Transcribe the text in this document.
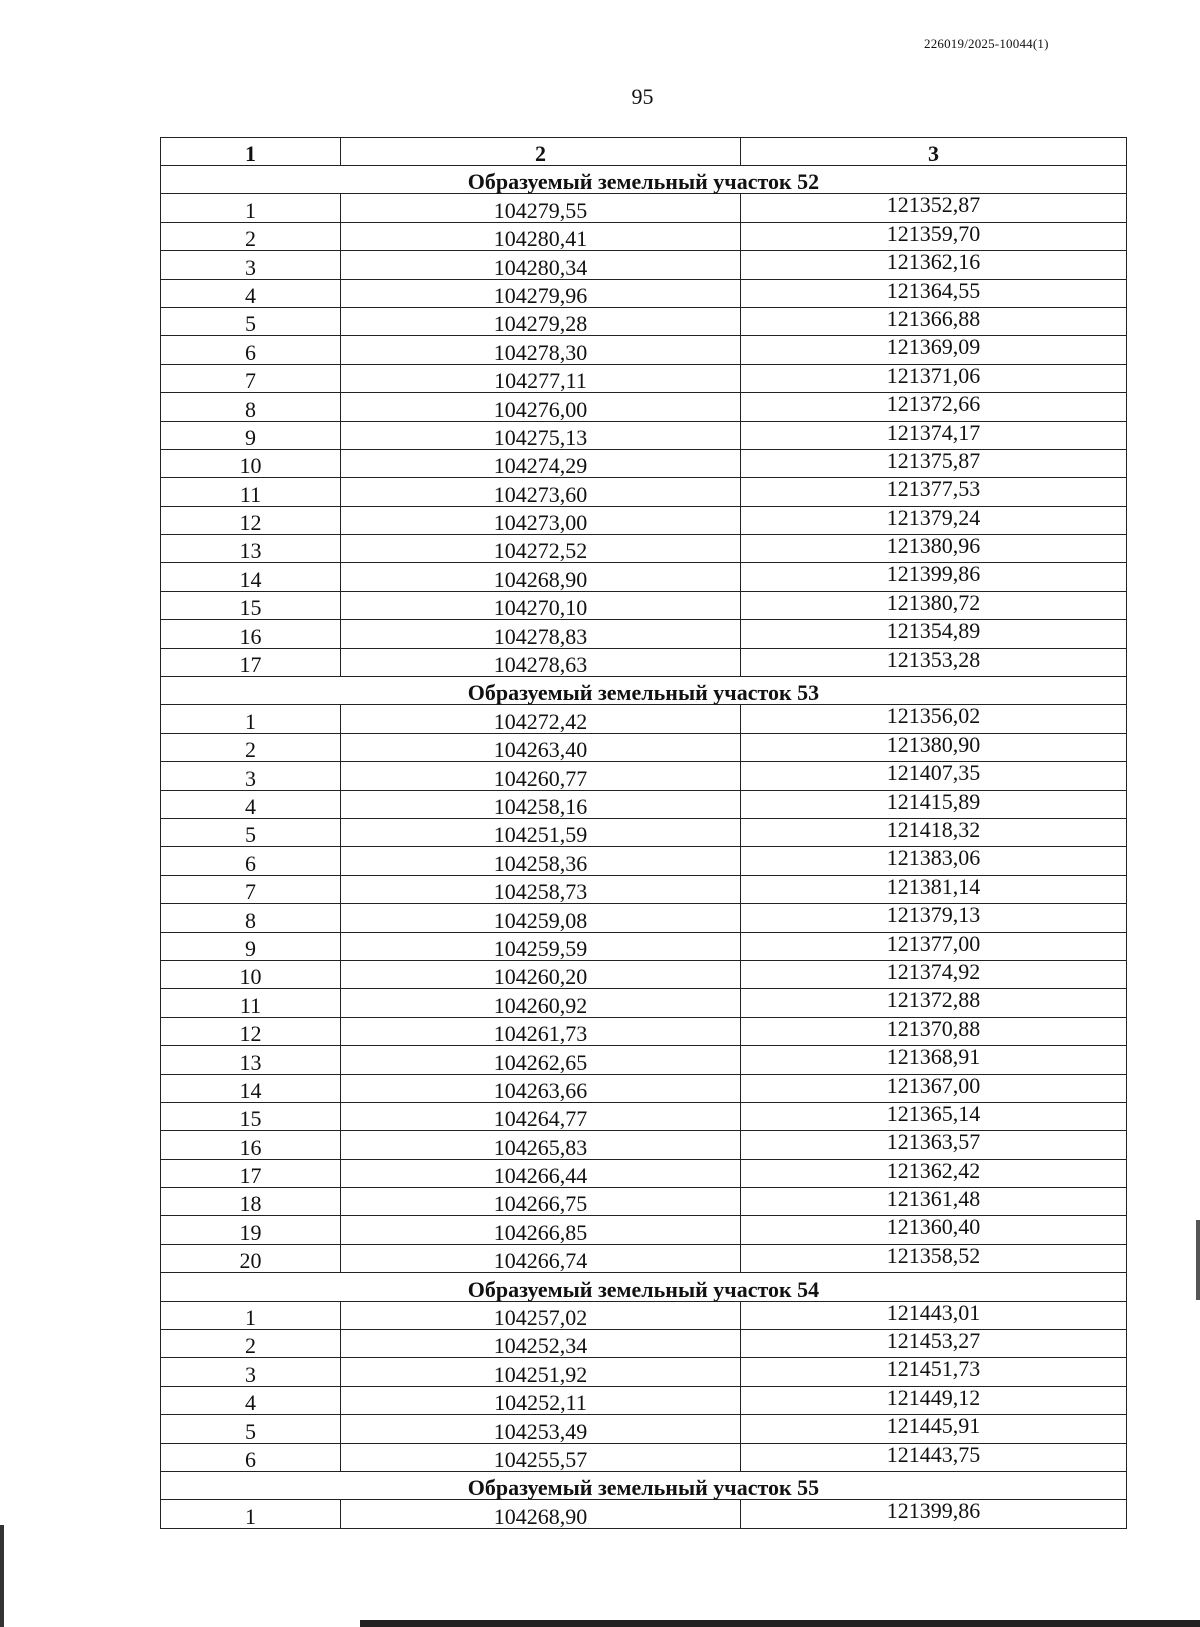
226019/2025-10044(1)
95
1	2	3
Образуемый земельный участок 52		
1	104279,55	121352,87
2	104280,41	121359,70
3	104280,34	121362,16
4	104279,96	121364,55
5	104279,28	121366,88
6	104278,30	121369,09
7	104277,11	121371,06
8	104276,00	121372,66
9	104275,13	121374,17
10	104274,29	121375,87
11	104273,60	121377,53
12	104273,00	121379,24
13	104272,52	121380,96
14	104268,90	121399,86
15	104270,10	121380,72
16	104278,83	121354,89
17	104278,63	121353,28
Образуемый земельный участок 53		
1	104272,42	121356,02
2	104263,40	121380,90
3	104260,77	121407,35
4	104258,16	121415,89
5	104251,59	121418,32
6	104258,36	121383,06
7	104258,73	121381,14
8	104259,08	121379,13
9	104259,59	121377,00
10	104260,20	121374,92
11	104260,92	121372,88
12	104261,73	121370,88
13	104262,65	121368,91
14	104263,66	121367,00
15	104264,77	121365,14
16	104265,83	121363,57
17	104266,44	121362,42
18	104266,75	121361,48
19	104266,85	121360,40
20	104266,74	121358,52
Образуемый земельный участок 54		
1	104257,02	121443,01
2	104252,34	121453,27
3	104251,92	121451,73
4	104252,11	121449,12
5	104253,49	121445,91
6	104255,57	121443,75
Образуемый земельный участок 55		
1	104268,90	121399,86
